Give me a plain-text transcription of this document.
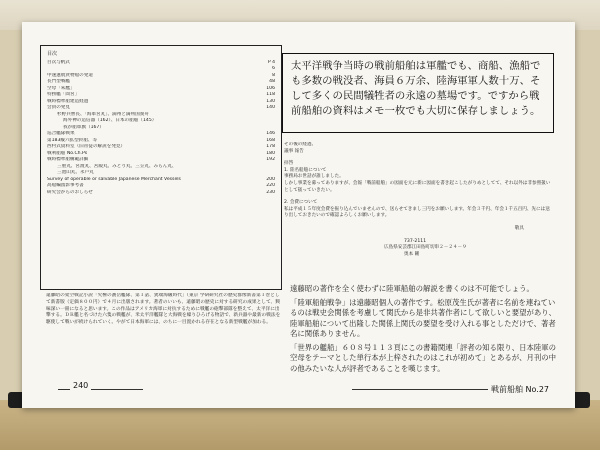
目次
目次与帆式	P 4
6
中速運航貨物船の発還	8
長門型戦艦	48
空母「朱鷹」	106
特務艦「間宮」	118
戦時標準船建造経過	130
会員の発見	140
杉野兵曹長、「海軍宮丸」、満州と満州国義舟
海外神の造信器（162）、日本の船舶（145）
我が船軍旗（167）
巡合艦隊戦果	146
第183級六拡型鈴船、等	168
西村式資料室（旧帝徒の解説を発見）	178
戦利船舶 No.Ch.Ps	180
戦時標準船構範詳細	192
三重丸、宮渡丸、宮殿丸、みどり丸、三笠丸、みらん丸、
三池山丸、永戸丸
Survey of operable or salvable Japanese Merchant Vessels	200
高船編図影事考書	220
研究会からのおしらせ	230
太平洋戦争当時の戦前船舶は軍艦でも、商船、漁船でも多数の戦没者、海員６万余、陸海軍軍人数十万、そして多くの民間犠牲者の永遠の墓場です。ですから戦前船舶の資料はメモ一枚でも大切に保存しましょう。

その後の経過、

議事 報告

拝啓

1. 陸名船舶について

事務局お世話が誰しました。

しかし事業を募ってありますが、会報「戦前船舶」の図面を元に新に図面を書き起こしたがりめとしてて、それ以外は非参照扱いとして扱っていきたい。

2. 会費について

私は平成１５年度会費を振り込んでいませんので、送らせてきまし三円をお願いします。年会３千円、年会１千五百円、先には送り出しておきたいので確認よろしくお願いします。

敬具

737-2111

広島県安芸郡江田島町切串２－２４－９

奥本 剛

遠藤昭の架空戦記小説「究極の護岳艦隊、第１話、異端海級時代」（東京 学研研究社の歴史群像新書第１巻として新書版（定価８００円）で４月に出版されます。著者のいいも、遠藤昭の歴史に対する研究の成果として、興味深い一冊になると思います。この作品はアメリカ海軍に対抗するために戦艦の砲撃部隊を整えて、太平洋に出撃する。ＤＲ艦と名づけた六隻の戦艦が、米太平洋艦隊と大海戦を繰りひろげる物語で、新兵器や最新の戦法を駆使して戦いが続けられていく。やがて日本海軍には、のちに一目置かれる存在となる新型戦艦が加わる。

遠藤昭の著作を全く使わずに陸軍船舶の解説を書くのは不可能でしょう。

「陸軍船舶戦争」は遠藤昭個人の著作です。松原茂生氏が著者に名前を連ねているのは戦史会関係を考慮して関氏から是非共著作者にして欲しいと要望があり、陸軍船舶について出隆した関係上関氏の要望を受け入れる事としただけで、著者名に関係ありません。

「世界の艦船」６０８号１１３頁にこの書籍関連「評者の知る限り、日本陸軍の空母をテーマとした単行本が上梓されたのはこれが初めて」とあるが、月刊の中の他みたいな人が評者であることを嘆じます。

240	戦前船舶 No.27
